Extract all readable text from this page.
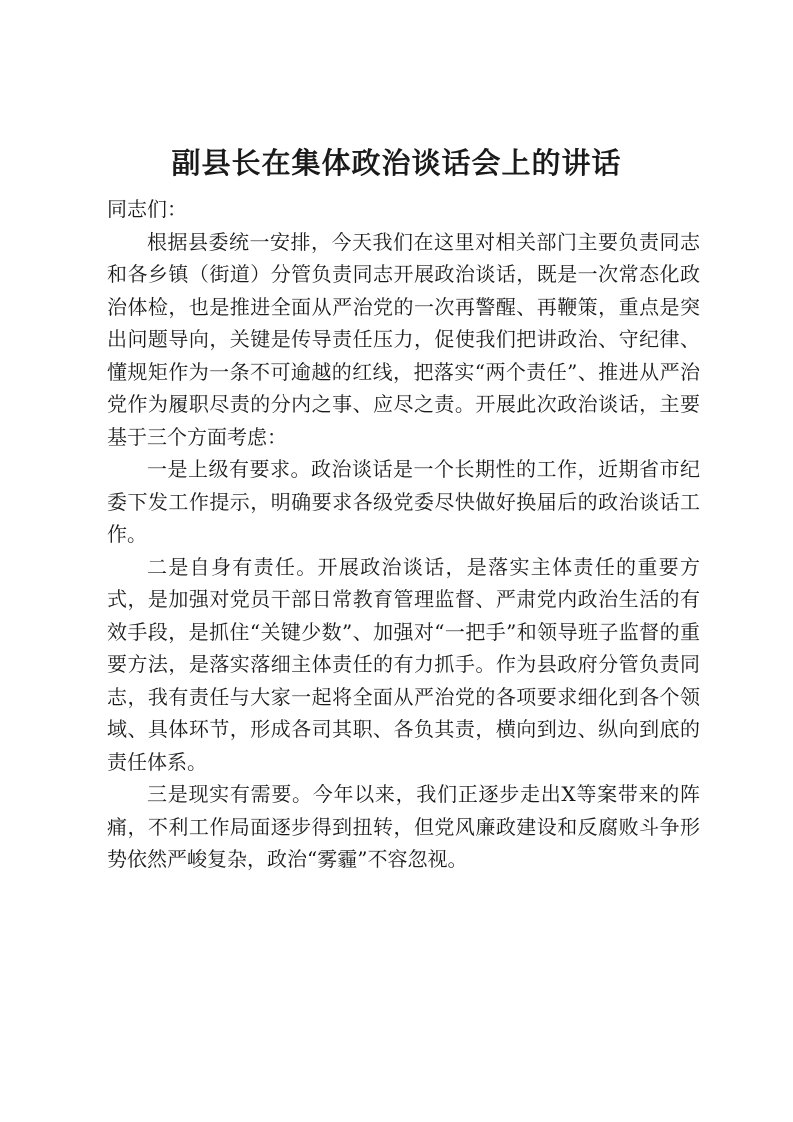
副县长在集体政治谈话会上的讲话

同志们：

根据县委统一安排，今天我们在这里对相关部门主要负责同志和各乡镇（街道）分管负责同志开展政治谈话，既是一次常态化政治体检，也是推进全面从严治党的一次再警醒、再鞭策，重点是突出问题导向，关键是传导责任压力，促使我们把讲政治、守纪律、懂规矩作为一条不可逾越的红线，把落实“两个责任”、推进从严治党作为履职尽责的分内之事、应尽之责。开展此次政治谈话，主要基于三个方面考虑：

一是上级有要求。政治谈话是一个长期性的工作，近期省市纪委下发工作提示，明确要求各级党委尽快做好换届后的政治谈话工作。

二是自身有责任。开展政治谈话，是落实主体责任的重要方式，是加强对党员干部日常教育管理监督、严肃党内政治生活的有效手段，是抓住“关键少数”、加强对“一把手”和领导班子监督的重要方法，是落实落细主体责任的有力抓手。作为县政府分管负责同志，我有责任与大家一起将全面从严治党的各项要求细化到各个领域、具体环节，形成各司其职、各负其责，横向到边、纵向到底的责任体系。

三是现实有需要。今年以来，我们正逐步走出X等案带来的阵痛，不利工作局面逐步得到扭转，但党风廉政建设和反腐败斗争形势依然严峻复杂，政治“雾霾”不容忽视。
